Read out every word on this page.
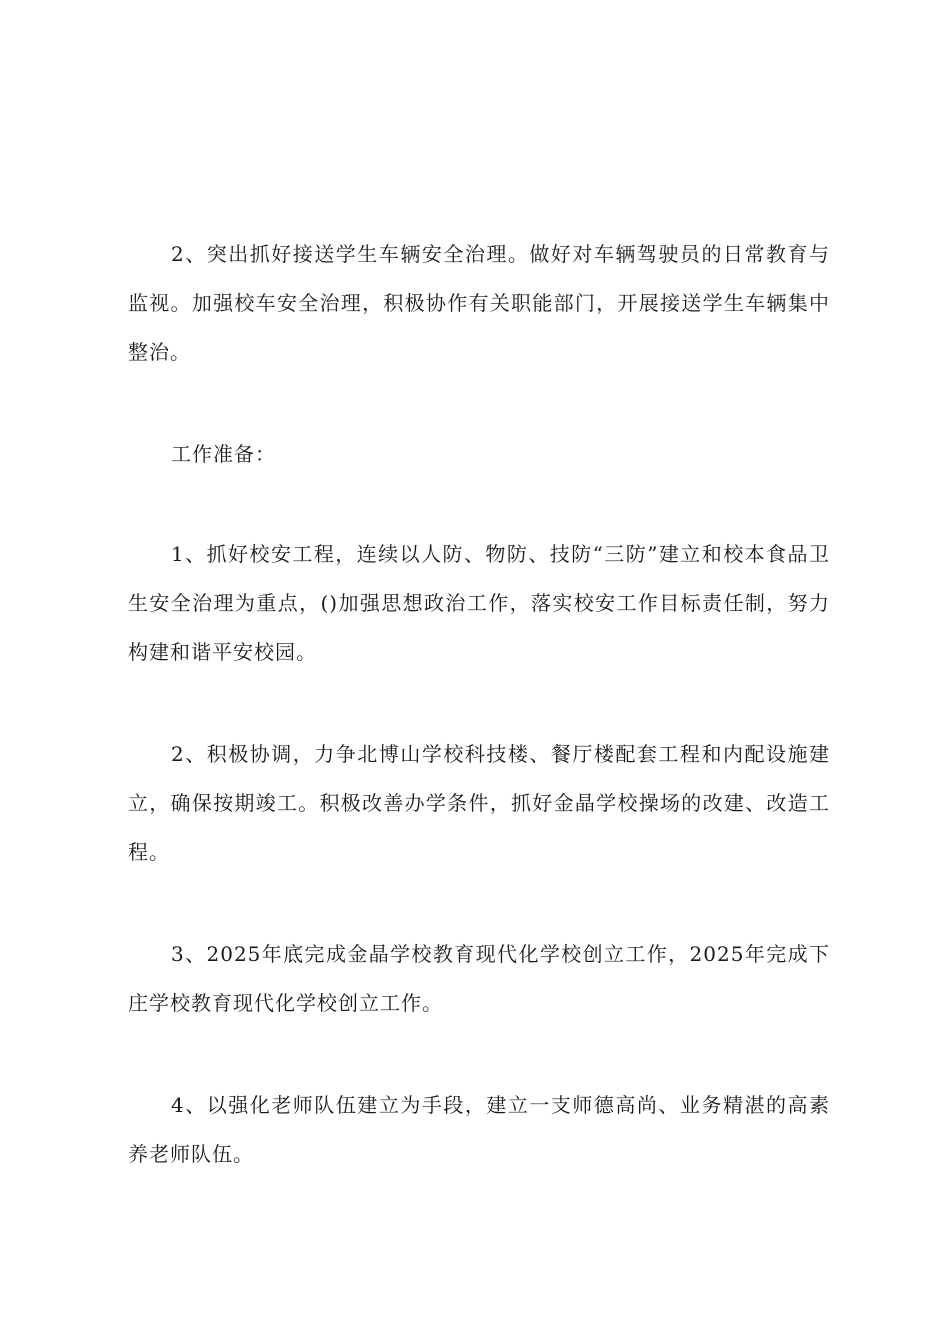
2、突出抓好接送学生车辆安全治理。做好对车辆驾驶员的日常教育与监视。加强校车安全治理，积极协作有关职能部门，开展接送学生车辆集中整治。

工作准备：

1、抓好校安工程，连续以人防、物防、技防“三防”建立和校本食品卫生安全治理为重点，()加强思想政治工作，落实校安工作目标责任制，努力构建和谐平安校园。

2、积极协调，力争北博山学校科技楼、餐厅楼配套工程和内配设施建立，确保按期竣工。积极改善办学条件，抓好金晶学校操场的改建、改造工程。

3、2025年底完成金晶学校教育现代化学校创立工作，2025年完成下庄学校教育现代化学校创立工作。

4、以强化老师队伍建立为手段，建立一支师德高尚、业务精湛的高素养老师队伍。
